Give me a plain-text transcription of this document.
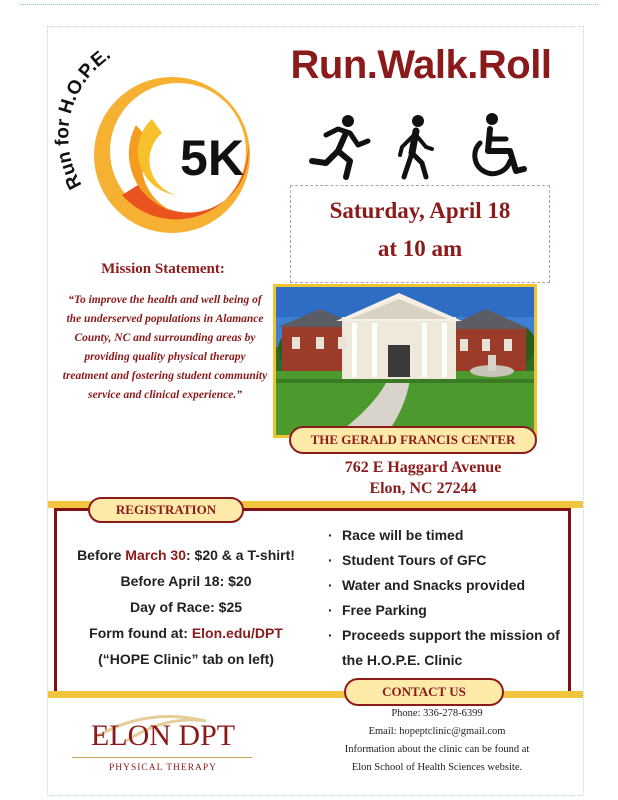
Run for H.O.P.E.
5K
Run.Walk.Roll
Saturday, April 18
at 10 am
Mission Statement:
“To improve the health and well being of the underserved populations in Alamance County, NC and surrounding areas by providing quality physical therapy treatment and fostering student community service and clinical experience.”
THE GERALD FRANCIS CENTER
762 E Haggard Avenue
Elon, NC 27244
REGISTRATION
Before March 30: $20 & a T-shirt!
Before April 18: $20
Day of Race: $25
Form found at: Elon.edu/DPT
(“HOPE Clinic” tab on left)
· Race will be timed
· Student Tours of GFC
· Water and Snacks provided
· Free Parking
· Proceeds support the mission of the H.O.P.E. Clinic
CONTACT US
Phone: 336-278-6399
Email: hopeptclinic@gmail.com
Information about the clinic can be found at
Elon School of Health Sciences website.
ELON DPT
PHYSICAL THERAPY
